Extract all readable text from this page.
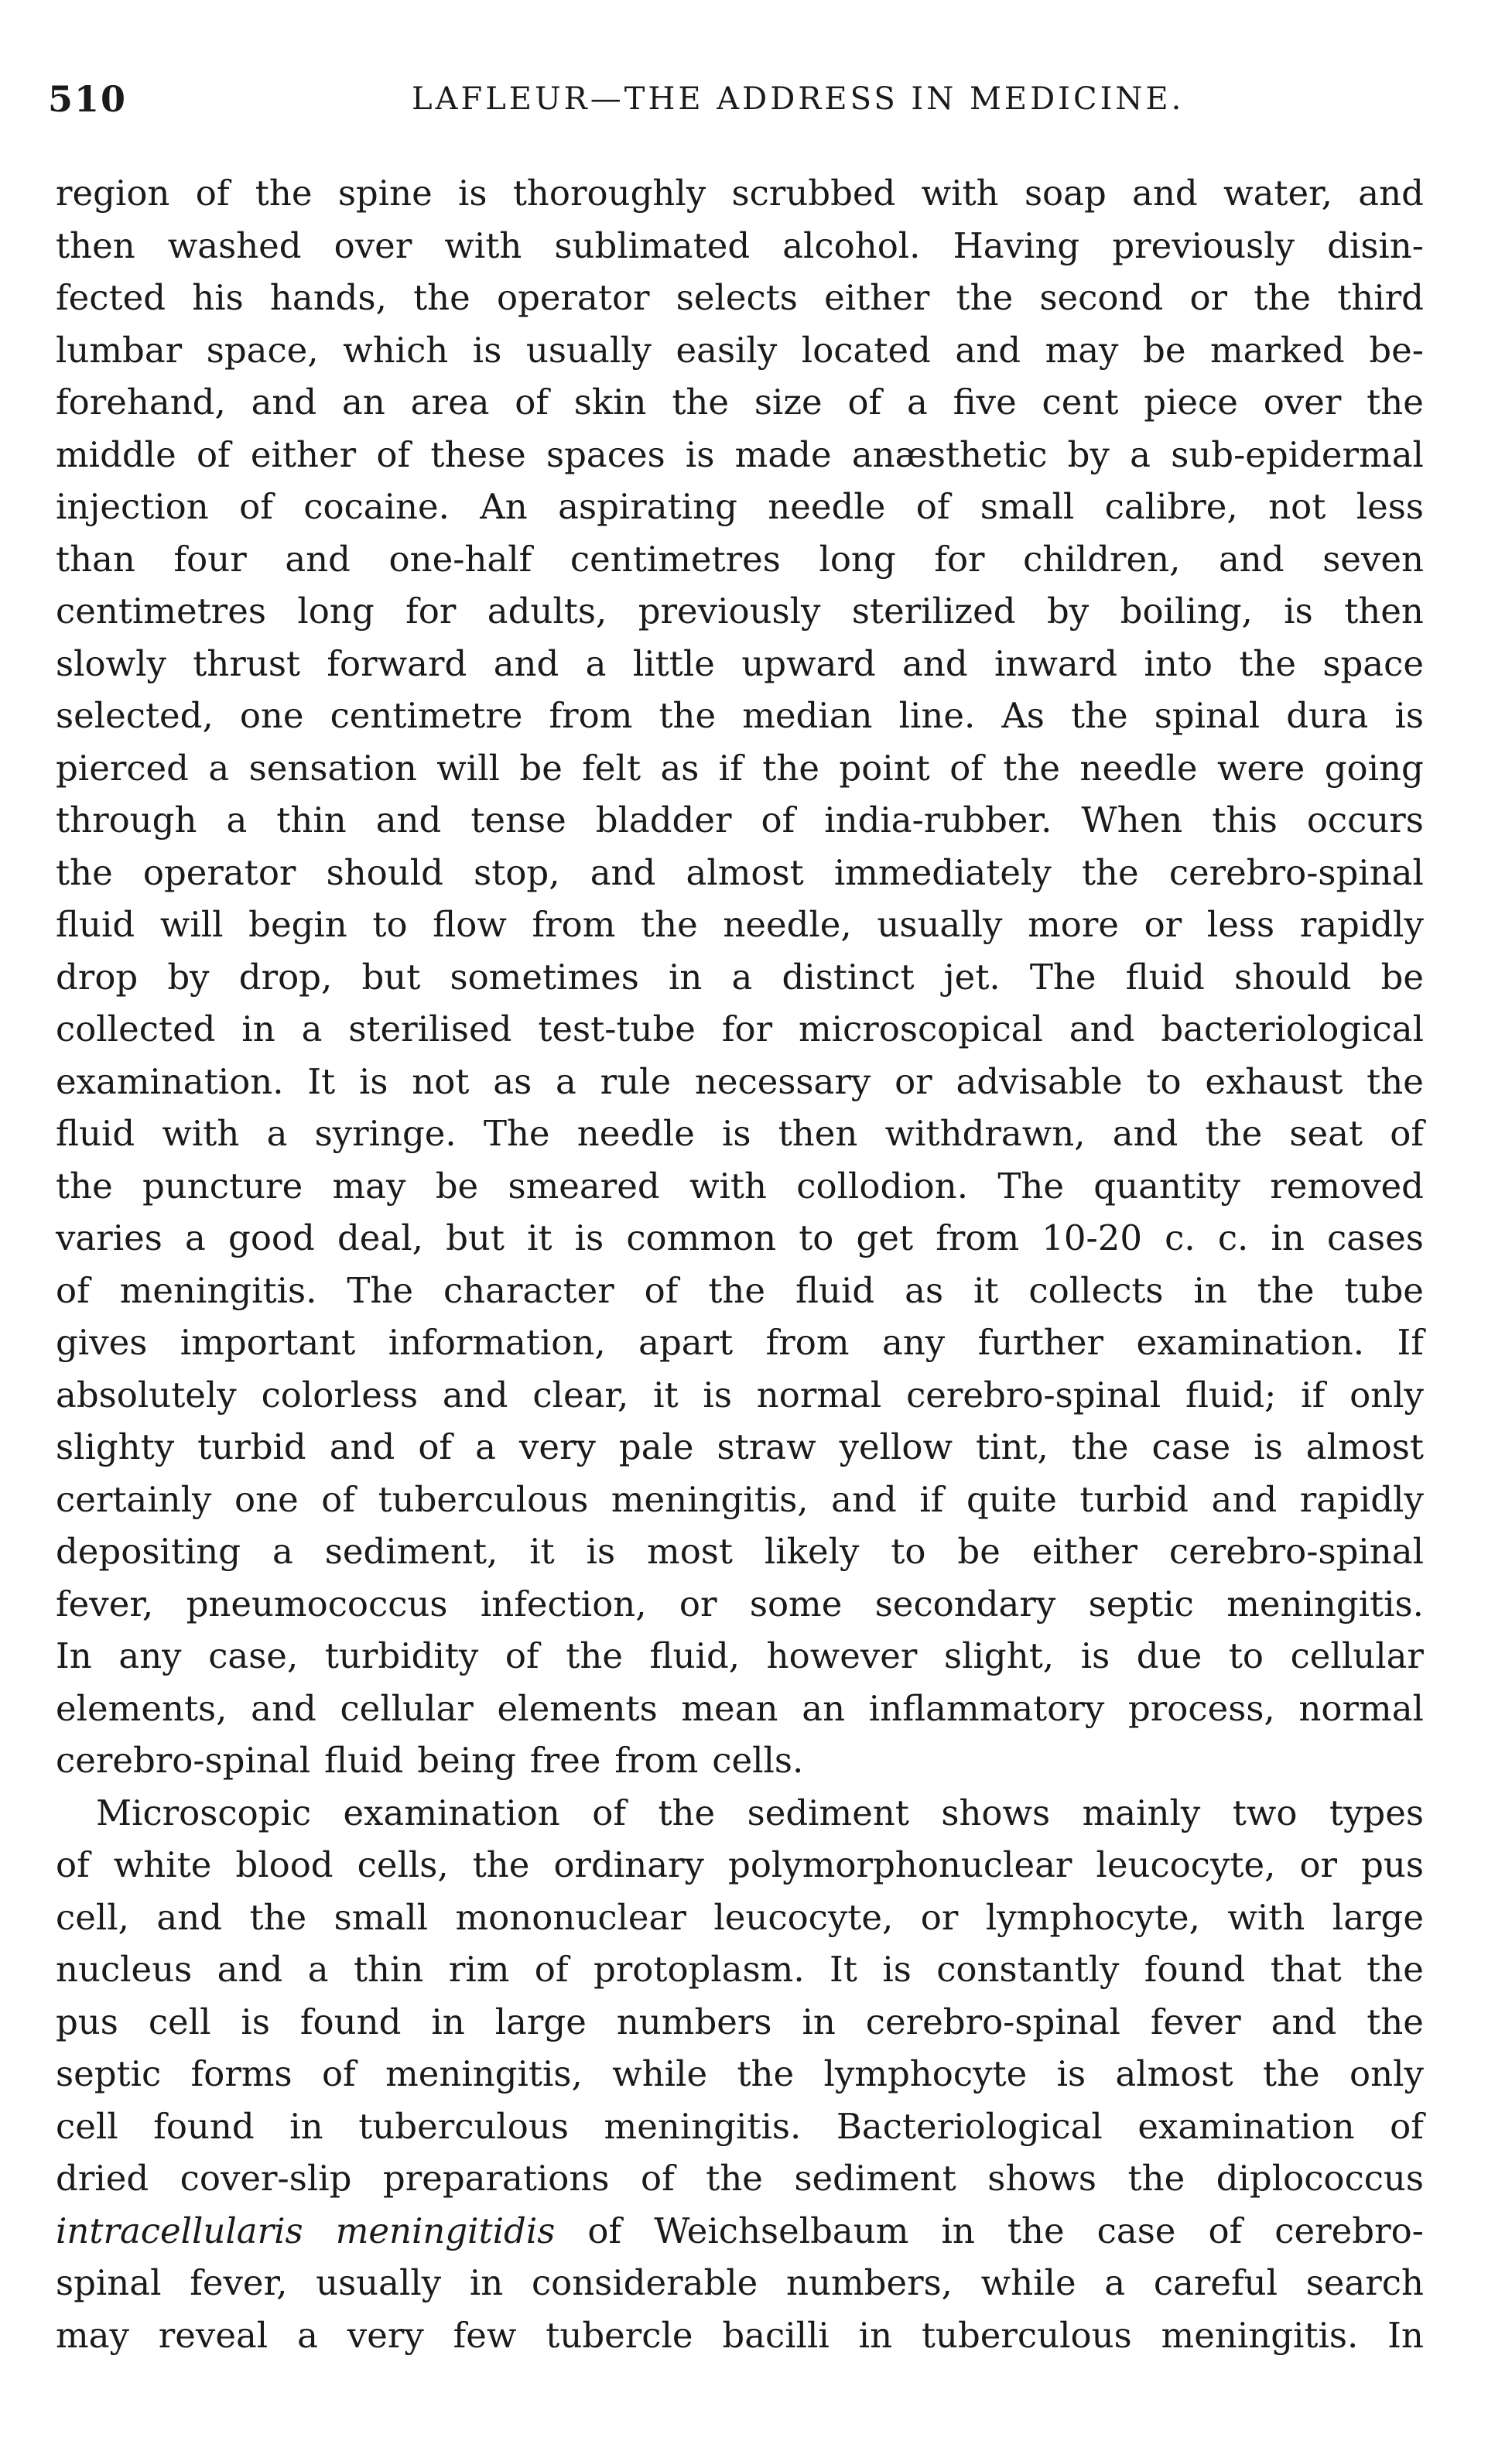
510	LAFLEUR—THE ADDRESS IN MEDICINE.
region of the spine is thoroughly scrubbed with soap and water, and
then washed over with sublimated alcohol. Having previously disin-
fected his hands, the operator selects either the second or the third
lumbar space, which is usually easily located and may be marked be-
forehand, and an area of skin the size of a five cent piece over the
middle of either of these spaces is made anæsthetic by a sub-epidermal
injection of cocaine. An aspirating needle of small calibre, not less
than four and one-half centimetres long for children, and seven
centimetres long for adults, previously sterilized by boiling, is then
slowly thrust forward and a little upward and inward into the space
selected, one centimetre from the median line. As the spinal dura is
pierced a sensation will be felt as if the point of the needle were going
through a thin and tense bladder of india-rubber. When this occurs
the operator should stop, and almost immediately the cerebro-spinal
fluid will begin to flow from the needle, usually more or less rapidly
drop by drop, but sometimes in a distinct jet. The fluid should be
collected in a sterilised test-tube for microscopical and bacteriological
examination. It is not as a rule necessary or advisable to exhaust the
fluid with a syringe. The needle is then withdrawn, and the seat of
the puncture may be smeared with collodion. The quantity removed
varies a good deal, but it is common to get from 10-20 c. c. in cases
of meningitis. The character of the fluid as it collects in the tube
gives important information, apart from any further examination. If
absolutely colorless and clear, it is normal cerebro-spinal fluid; if only
slighty turbid and of a very pale straw yellow tint, the case is almost
certainly one of tuberculous meningitis, and if quite turbid and rapidly
depositing a sediment, it is most likely to be either cerebro-spinal
fever, pneumococcus infection, or some secondary septic meningitis.
In any case, turbidity of the fluid, however slight, is due to cellular
elements, and cellular elements mean an inflammatory process, normal
cerebro-spinal fluid being free from cells.
Microscopic examination of the sediment shows mainly two types
of white blood cells, the ordinary polymorphonuclear leucocyte, or pus
cell, and the small mononuclear leucocyte, or lymphocyte, with large
nucleus and a thin rim of protoplasm. It is constantly found that the
pus cell is found in large numbers in cerebro-spinal fever and the
septic forms of meningitis, while the lymphocyte is almost the only
cell found in tuberculous meningitis. Bacteriological examination of
dried cover-slip preparations of the sediment shows the diplococcus
intracellularis meningitidis of Weichselbaum in the case of cerebro-
spinal fever, usually in considerable numbers, while a careful search
may reveal a very few tubercle bacilli in tuberculous meningitis. In
